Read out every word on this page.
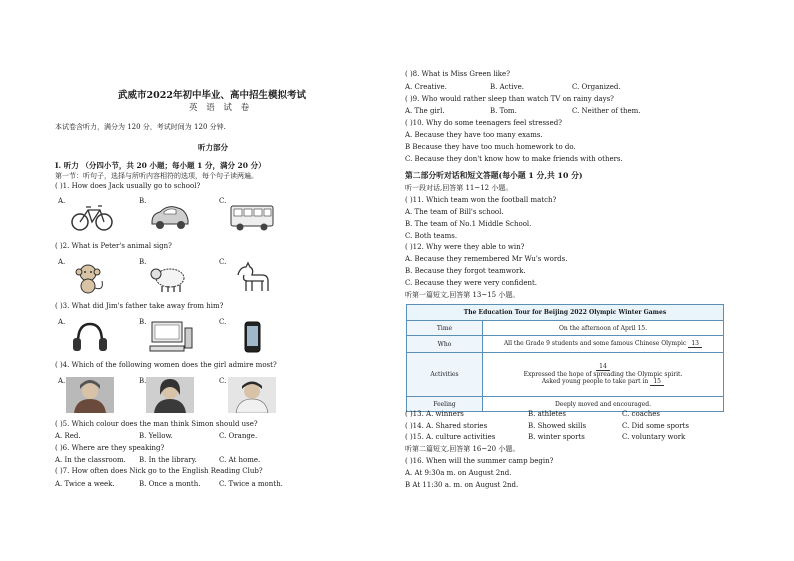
武威市2022年初中毕业、高中招生模拟考试
英 语 试 卷
本试卷含听力，满分为 120 分，考试时间为 120 分钟.
听力部分
I. 听力 （分四小节，共 20 小题；每小题 1 分，满分 20 分）
第一节：听句子，选择与所听内容相符的选项，每个句子读两遍。
( )1. How does Jack usually go to school?
A.	B.	C.
( )2. What is Peter's animal sign?
A.	B.	C.
( )3. What did Jim's father take away from him?
A.	B.	C.
( )4. Which of the following women does the girl admire most?
A.	B.	C.
( )5. Which colour does the man think Simon should use?
A. Red.	B. Yellow.	C. Orange.
( )6. Where are they speaking?
A. In the classroom. B. In the library.	C. At home.
( )7. How often does Nick go to the English Reading Club?
A. Twice a week.	B. Once a month.	C. Twice a month.
( )8. What is Miss Green like?
A. Creative.	B. Active.	C. Organized.
( )9. Who would rather sleep than watch TV on rainy days?
A. The girl.	B. Tom.	C. Neither of them.
( )10. Why do some teenagers feel stressed?
A. Because they have too many exams.
B Because they have too much homework to do.
C. Because they don't know how to make friends with others.
第二部分听对话和短文答题(每小题 1 分,共 10 分)
听一段对话,回答第 11~12 小题。
( )11. Which team won the football match?
A. The team of Bill's school.
B. The team of No.1 Middle School.
C. Both teams.
( )12. Why were they able to win?
A. Because they remembered Mr Wu's words.
B. Because they forgot teamwork.
C. Because they were very confident.
听第一篇短文,回答第 13~15 小题。
The Education Tour for Beijing 2022 Olympic Winter Games	
Time	On the afternoon of April 15.
Who	All the Grade 9 students and some famous Chinese Olympic 13
Activities	14
Expressed the hope of spreading the Olympic spirit.
Asked young people to take part in 15

Feeling	Deeply moved and encouraged.
( )13. A. winners	B. athletes	C. coaches
( )14. A. Shared stories	B. Showed skills	C. Did some sports
( )15. A. culture activities	B. winter sports	C. voluntary work
听第二篇短文,回答第 16~20 小题。
( )16. When will the summer camp begin?
A. At 9:30a m. on August 2nd.
B At 11:30 a. m. on August 2nd.
